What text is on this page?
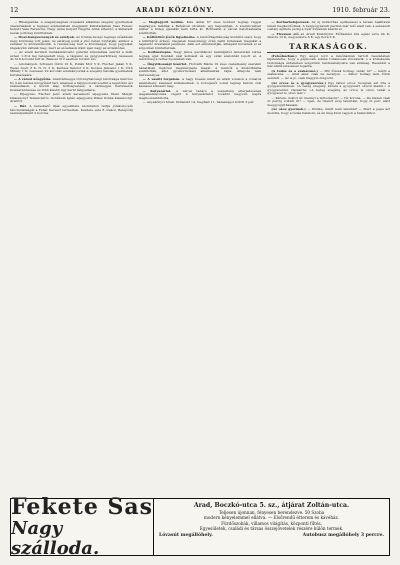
12	ARADI KÖZLÖNY.	1910. február 23.

— Hibaigazítás. A szegénységnek olvasásra alkalmas szegény gyermekek összeírásánál a tegnapi számunkban megjelent kimutatásban Vass Ferenc helyett Vass Ferencné, Nagy Anna helyett Nagyné Anna értendő; a kimaradt nevek pótlólag közöltetnek.

— Mozi-hangversenyek és estélyek. Az Uránia-mozgó tegnapi előadásán nagy közönség volt jelen. Az estélyek sorát a jövő héten folytatják, amikor a zenekar is közreműködik. A rendezőség kéri a közönséget, hogy jegyeiket idejekorán váltsák meg, mert az előadások iránt igen nagy az érdeklődés.

— Az aradi kerületi munkásbiztosító pénztár kimutatása szerint a múlt évben 1.214 tag betegedett meg, a táppénz és gyógyszerköltség összesen 41.516 koronát tett ki. Baleset 312 esetben fordult elő.

— Adományok. Schwarz Ödön 10 K, Pollák Mór 5 K, Fischer Jakab 5 K, Weisz Lipót 3 K, N. N. 2 K, Kertész Sándor 2 K, Kovács Jánosné 1 K, Tóth Mihály 1 K, összesen 29 koronát adományoztak a szegény iskolás gyermekek felruházására.

— A városi közgyűlés. Aradvármegye törvényhatósági bizottsága március hó 3-án rendes közgyűlést tart, amelyen a tárgysorozat szerint a legutóbbi évi számadások, a közúti alap költségvetése, a vármegyei tisztviselők fizetésrendezése és több kisebb ügy kerül tárgyalásra.

— Eljegyzés. Fischer Jenő aradi kereskedő eljegyezte Klein Margit kisasszonyt Temesvárról. Goldstein Ignác eljegyezte Weisz Ilonka kisasszonyt Aradról.

— Bál. A kereskedő ifjak egyesülete szombaton tartja jótékonycélú táncmulatságát a Fehér Kereszt termeiben. Kezdete este 8 órakor. Belépődíj személyenként 2 korona.

— Megfagyott koldus. Kiss Antal 67 éves koldust tegnap reggel megfagyva találták a Belvárosi utcában, egy kapualjban. A szerencsétlen ember a hideg éjszakát nem bírta ki. Holttestét a városi halottasházba szállították.

— Külföldről jövők figyelmébe. A rendőrkapitányság közhírré teszi, hogy a külföldről érkező idegenek huszonnégy órán belül kötelesek magukat a bejelentő hivatalnál jelenteni. Akik ezt elmulasztják, kihágást követnek el és szigorúan büntettetnek.

— Kolbászlopás. Nagy János gazdálkodó kamrájából ismeretlen tettes tegnap éjjel tizenkét szál kolbászt és egy oldal szalonnát lopott el. A rendőrség a tettes nyomában van.

— Öngyilkossági kísérlet. Horváth Mária 19 éves cselédleány szerelmi bánatában lúgkővel megmérgezte magát. A mentők a közkórházba szállították, ahol gyomormosást alkalmaztak rajta. Állapota nem életveszélyes.

— A vasúti forgalom. A nagy hóesés miatt az aradi vonalon a vonatok jelentékeny késéssel közlekednek. A borosjenői vonat tegnap három órai késéssel érkezett meg.

— Kutyazárlat. A városi tanács a veszettség elterjedésének megakadályozása végett a kutyazárlatot további negyven napra meghosszabbította.

— Anyakönyvi hírek. Született 14, meghalt 11, házasságot kötött 3 pár.

— Kórházbefejezések. Az új közkórház építkezései a tavasz beálltával ismét megkezdődnek. A belgyógyászati pavilon már tető alatt van, a sebészeti osztály épülete pedig a nyár folyamán készül el.

— Fizessen elő az Aradi Közlönyre! Előfizetési ára egész évre 24 K, félévre 12 K, negyedévre 6 K, egy hóra 2 K.

TARKASÁGOK.

(Felsőházban.) Egy angol lord a felsőházban tartott beszédében kijelentette, hogy a gépkocsik száma rohamosan növekszik, s a közlekedés biztonsága érdekében szigorúbb rendszabályokra van szükség. Beszédét a ház élénk tetszéssel fogadta.

(A tudós és a szakácsné.) — Mit főzzek holnap, tanár úr? — kérdi a szakácsné. — Amit akar, csak ne zavarjon. — Akkor holnap nem főzök semmit. — Az is jó, csak hagyjon dolgozni.

(Az orvos és a gyógyszerész.) Egy falusi orvos recepten azt írta a gyógyszerésznek: »A beteg szegény, kérem a gyógyszert olcsón kiadni.« A gyógyszerész visszaírta: »A beteg szegény, az orvos is olcsó, tehát a gyógyszer is olcsó lesz.«

— Kérem, doktor úr, mennyi a tartozásom? — Tíz korona. — De hiszen csak öt percig voltam itt! — Igen, de tizenöt évig tanultam, hogy öt perc alatt meggyógyíthassam.

(Az okos gyermek.) — Pistike, miért nem tanultál? — Mert a papa azt mondta, hogy a tudás hatalom, és én még kicsi vagyok a hatalomhoz.

Fekete Sas
Nagy szálloda.
Arad, Boczkó-utca 5. sz., átjárat Zoltán-utca.
Teljesen újonnan, fényesen berendezve. 50 Szoba
modern kényelemmel ellátva. — Elsőrendű étterem és kávéház.
Fürdőszobák, villamos világítás, központi fűtés.
Egyesületek, családi és társas összejövetelek részére külön termek.
Lóvasút megállóhely.	Autobusz megállóhely 3 percre.
